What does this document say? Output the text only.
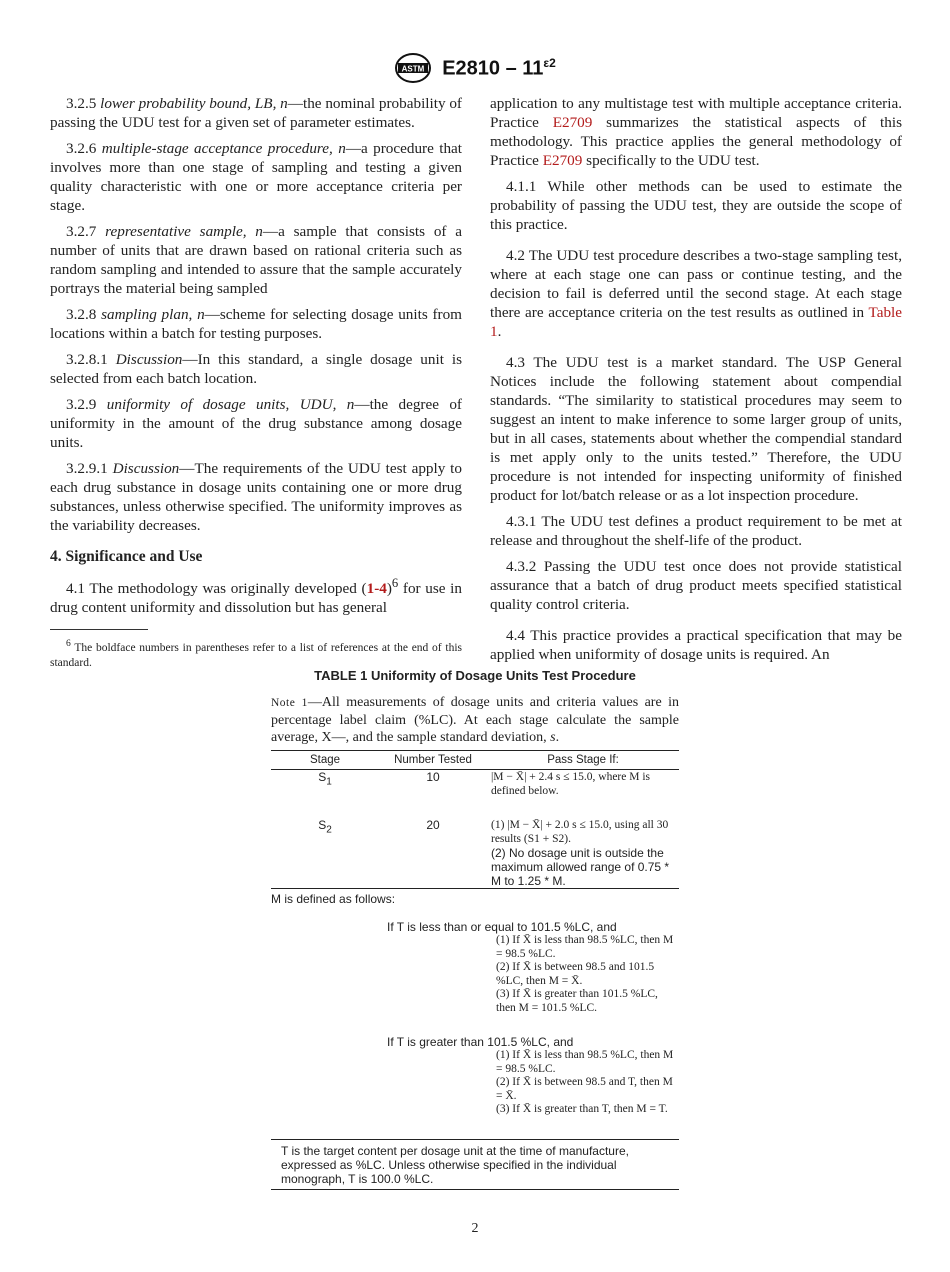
ASTM $E2810 - 11^{\varepsilon 2}$

3.2.5 lower probability bound, LB, n—the nominal probability of passing the UDU test for a given set of parameter estimates.

3.2.6 multiple-stage acceptance procedure, n—a procedure that involves more than one stage of sampling and testing a given quality characteristic with one or more acceptance criteria per stage.

3.2.7 representative sample, n—a sample that consists of a number of units that are drawn based on rational criteria such as random sampling and intended to assure that the sample accurately portrays the material being sampled

3.2.8 sampling plan, n—scheme for selecting dosage units from locations within a batch for testing purposes.

3.2.8.1 Discussion—In this standard, a single dosage unit is selected from each batch location.

3.2.9 uniformity of dosage units, UDU, n—the degree of uniformity in the amount of the drug substance among dosage units.

3.2.9.1 Discussion—The requirements of the UDU test apply to each drug substance in dosage units containing one or more drug substances, unless otherwise specified. The uniformity improves as the variability decreases.

4. Significance and Use

4.1 The methodology was originally developed $(1-4)^6$ for use in drug content uniformity and dissolution but has general

$^6$ The boldface numbers in parentheses refer to a list of references at the end of this standard.

application to any multistage test with multiple acceptance criteria. Practice E2709 summarizes the statistical aspects of this methodology. This practice applies the general methodology of Practice E2709 specifically to the UDU test.

4.1.1 While other methods can be used to estimate the probability of passing the UDU test, they are outside the scope of this practice.

4.2 The UDU test procedure describes a two-stage sampling test, where at each stage one can pass or continue testing, and the decision to fail is deferred until the second stage. At each stage there are acceptance criteria on the test results as outlined in Table 1.

4.3 The UDU test is a market standard. The USP General Notices include the following statement about compendial standards. “The similarity to statistical procedures may seem to suggest an intent to make inference to some larger group of units, but in all cases, statements about whether the compendial standard is met apply only to the units tested.” Therefore, the UDU procedure is not intended for inspecting uniformity of finished product for lot/batch release or as a lot inspection procedure.

4.3.1 The UDU test defines a product requirement to be met at release and throughout the shelf-life of the product.

4.3.2 Passing the UDU test once does not provide statistical assurance that a batch of drug product meets specified statistical quality control criteria.

4.4 This practice provides a practical specification that may be applied when uniformity of dosage units is required. An

TABLE 1 Uniformity of Dosage Units Test Procedure
Note 1—All measurements of dosage units and criteria values are in percentage label claim (%LC). At each stage calculate the sample average, X—, and the sample standard deviation, s.
Stage	Number Tested	Pass Stage If:
$S_1$	10	|M − X̄| + 2.4 s ≤ 15.0, where M is defined below.
$S_2$	20	(1) |M − X̄| + 2.0 s ≤ 15.0, using all 30 results (S1 + S2).
(2) No dosage unit is outside the maximum allowed range of 0.75 * M to 1.25 * M.
M is defined as follows:
If T is less than or equal to 101.5 %LC, and
(1) If X̄ is less than 98.5 %LC, then M = 98.5 %LC.
(2) If X̄ is between 98.5 and 101.5 %LC, then M = X̄.
(3) If X̄ is greater than 101.5 %LC, then M = 101.5 %LC.
If T is greater than 101.5 %LC, and
(1) If X̄ is less than 98.5 %LC, then M = 98.5 %LC.
(2) If X̄ is between 98.5 and T, then M = X̄.
(3) If X̄ is greater than T, then M = T.
T is the target content per dosage unit at the time of manufacture, expressed as %LC. Unless otherwise specified in the individual monograph, T is 100.0 %LC.
2
